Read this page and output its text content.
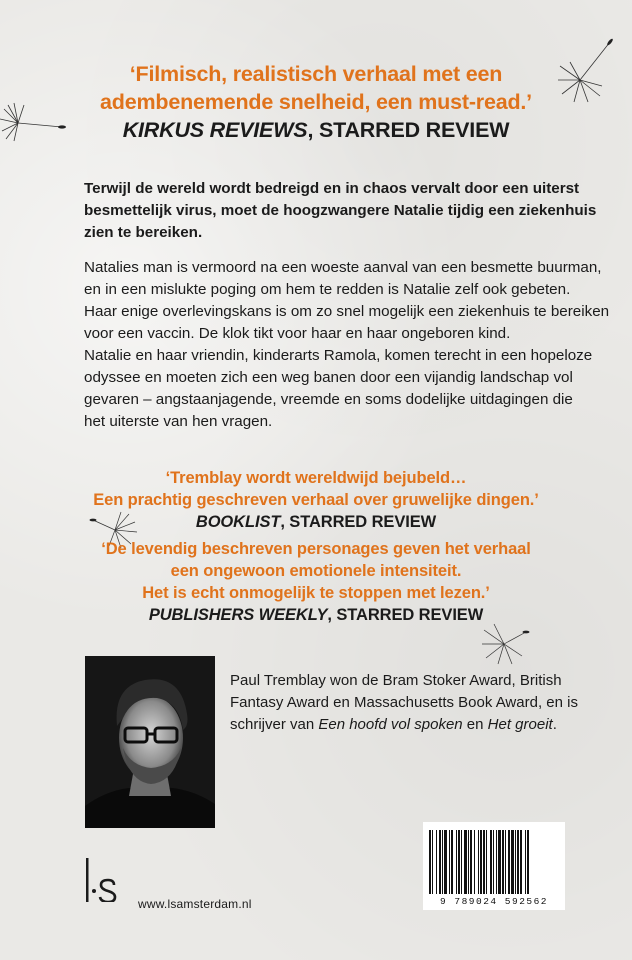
‘Filmisch, realistisch verhaal met een
adembenemende snelheid, een must-read.’
KIRKUS REVIEWS, STARRED REVIEW
Terwijl de wereld wordt bedreigd en in chaos vervalt door een uiterst
besmettelijk virus, moet de hoogzwangere Natalie tijdig een ziekenhuis
zien te bereiken.
Natalies man is vermoord na een woeste aanval van een besmette buurman,
en in een mislukte poging om hem te redden is Natalie zelf ook gebeten.
Haar enige overlevingskans is om zo snel mogelijk een ziekenhuis te bereiken
voor een vaccin. De klok tikt voor haar en haar ongeboren kind.
Natalie en haar vriendin, kinderarts Ramola, komen terecht in een hopeloze
odyssee en moeten zich een weg banen door een vijandig landschap vol
gevaren – angstaanjagende, vreemde en soms dodelijke uitdagingen die
het uiterste van hen vragen.
‘Tremblay wordt wereldwijd bejubeld…
Een prachtig geschreven verhaal over gruwelijke dingen.’
BOOKLIST, STARRED REVIEW
‘De levendig beschreven personages geven het verhaal
een ongewoon emotionele intensiteit.
Het is echt onmogelijk te stoppen met lezen.’
PUBLISHERS WEEKLY, STARRED REVIEW
Paul Tremblay won de Bram Stoker Award, British
Fantasy Award en Massachusetts Book Award, en is
schrijver van Een hoofd vol spoken en Het groeit.
9 789024 592562
l·s
www.lsamsterdam.nl
